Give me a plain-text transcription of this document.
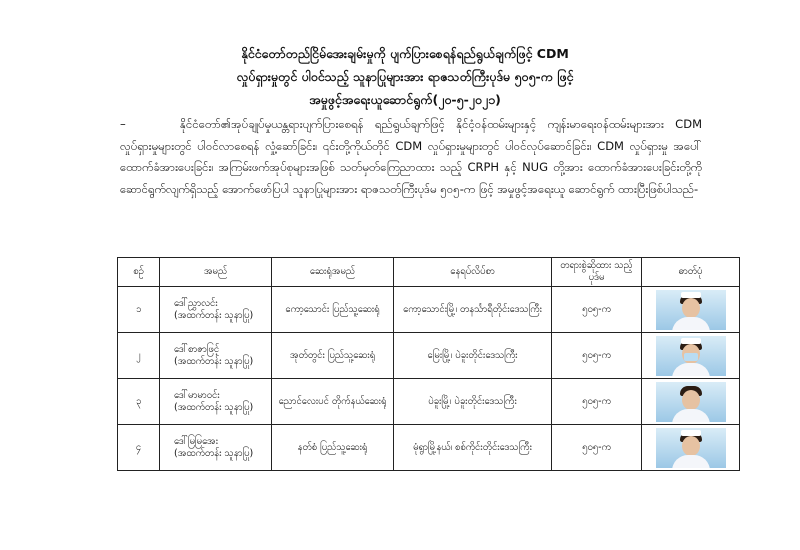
နိုင်ငံတော်တည်ငြိမ်အေးချမ်းမှုကို ပျက်ပြားစေရန်ရည်ရွယ်ချက်ဖြင့် CDM
လှုပ်ရှားမှုတွင် ပါဝင်သည့် သူနာပြုများအား ရာဇသတ်ကြီးပုဒ်မ ၅၀၅-က ဖြင့်
အမှုဖွင့်အရေးယူဆောင်ရွက်(၂၀-၅-၂၀၂၁)
–	နိုင်ငံတော်၏အုပ်ချုပ်မှုယန္တရားပျက်ပြားစေရန် ရည်ရွယ်ချက်ဖြင့် နိုင်ငံ့ဝန်ထမ်းများနှင့် ကျန်းမာရေးဝန်ထမ်းများအား CDM လှုပ်ရှားမှုများတွင် ပါဝင်လာစေရန် လှုံ့ဆော်ခြင်း၊ ၎င်းတို့ကိုယ်တိုင် CDM လှုပ်ရှားမှုများတွင် ပါဝင်လုပ်ဆောင်ခြင်း၊ CDM လှုပ်ရှားမှု အပေါ် ထောက်ခံအားပေးခြင်း၊ အကြမ်းဖက်အုပ်စုများအဖြစ် သတ်မှတ်ကြေညာထား သည့် CRPH နှင့် NUG တို့အား ထောက်ခံအားပေးခြင်းတို့ကို ဆောင်ရွက်လျက်ရှိသည့် အောက်ဖော်ပြပါ သူနာပြုများအား ရာဇသတ်ကြီးပုဒ်မ ၅၀၅-က ဖြင့် အမှုဖွင့်အရေးယူ ဆောင်ရွက် ထားပြီးဖြစ်ပါသည်-
စဉ်	အမည်	ဆေးရုံအမည်	နေရပ်လိပ်စာ	တရားစွဲဆိုထား သည့်ပုဒ်မ	ဓာတ်ပုံ
၁	ဒေါ်ညွှာလင်း
(အထက်တန်း သူနာပြု)	ကော့သောင်း ပြည်သူ့ဆေးရုံ	ကော့သောင်းမြို့၊ တနင်္သာရီတိုင်းဒေသကြီး	၅၀၅-က	

၂	ဒေါ်စာဇာဖြင့်
(အထက်တန်း သူနာပြု)	အုတ်တွင်း ပြည်သူ့ဆေးရုံ	မြေးမြို့၊ ပဲခူးတိုင်းဒေသကြီး	၅၀၅-က	

၃	ဒေါ်မာမာဝင်း
(အထက်တန်း သူနာပြု)	ညောင်လေးပင် တိုက်နယ်ဆေးရုံ	ပဲခူးမြို့၊ ပဲခူးတိုင်းဒေသကြီး	၅၀၅-က	

၄	ဒေါ်မြမြအေး
(အထက်တန်း သူနာပြု)	နတ်စံ ပြည်သူ့ဆေးရုံ	မုံရွာမြို့နယ်၊ စစ်ကိုင်းတိုင်းဒေသကြီး	၅၀၅-က	
